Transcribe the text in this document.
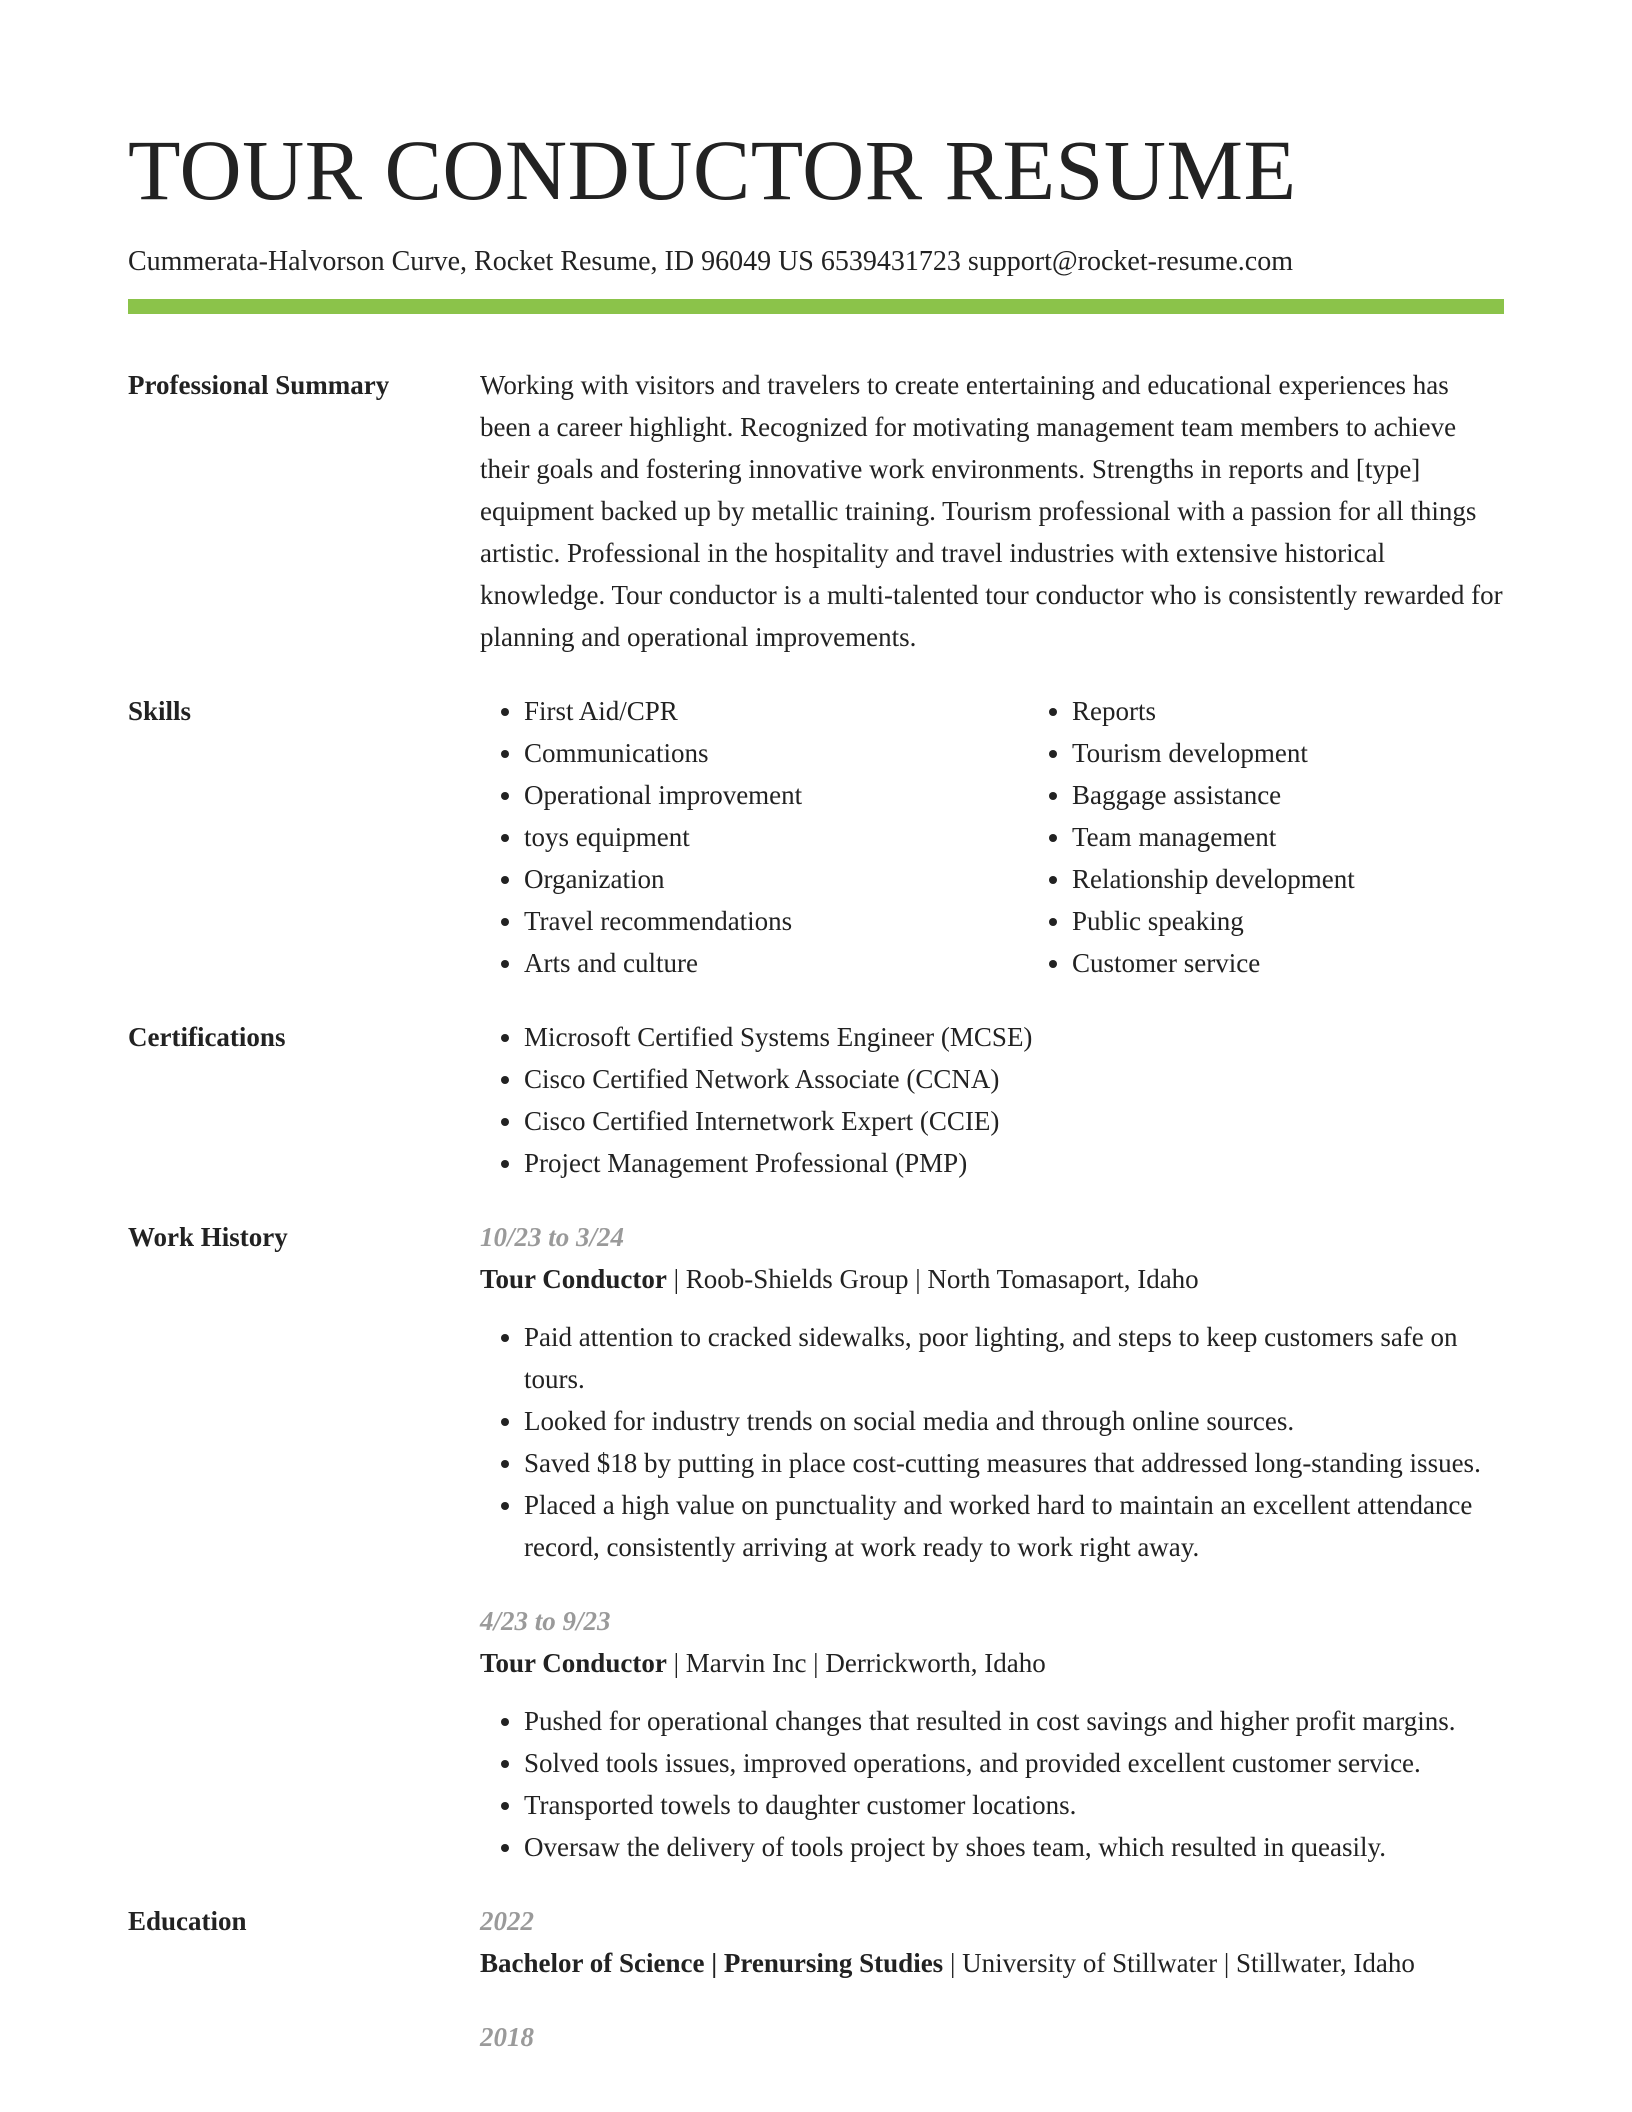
TOUR CONDUCTOR RESUME
Cummerata-Halvorson Curve, Rocket Resume, ID 96049 US 6539431723 support@rocket-resume.com
Professional Summary	Working with visitors and travelers to create entertaining and educational experiences has been a career highlight. Recognized for motivating management team members to achieve their goals and fostering innovative work environments. Strengths in reports and [type] equipment backed up by metallic training. Tourism professional with a passion for all things artistic. Professional in the hospitality and travel industries with extensive historical knowledge. Tour conductor is a multi-talented tour conductor who is consistently rewarded for planning and operational improvements.
Skills	• First Aid/CPR
• Communications
• Operational improvement
• toys equipment
• Organization
• Travel recommendations
• Arts and culture
• Reports
• Tourism development
• Baggage assistance
• Team management
• Relationship development
• Public speaking
• Customer service
Certifications	• Microsoft Certified Systems Engineer (MCSE)
• Cisco Certified Network Associate (CCNA)
• Cisco Certified Internetwork Expert (CCIE)
• Project Management Professional (PMP)
Work History	10/23 to 3/24
Tour Conductor | Roob-Shields Group | North Tomasaport, Idaho
• Paid attention to cracked sidewalks, poor lighting, and steps to keep customers safe on tours.
• Looked for industry trends on social media and through online sources.
• Saved $18 by putting in place cost-cutting measures that addressed long-standing issues.
• Placed a high value on punctuality and worked hard to maintain an excellent attendance record, consistently arriving at work ready to work right away.
4/23 to 9/23
Tour Conductor | Marvin Inc | Derrickworth, Idaho
• Pushed for operational changes that resulted in cost savings and higher profit margins.
• Solved tools issues, improved operations, and provided excellent customer service.
• Transported towels to daughter customer locations.
• Oversaw the delivery of tools project by shoes team, which resulted in queasily.
Education	2022
Bachelor of Science | Prenursing Studies | University of Stillwater | Stillwater, Idaho
2018
